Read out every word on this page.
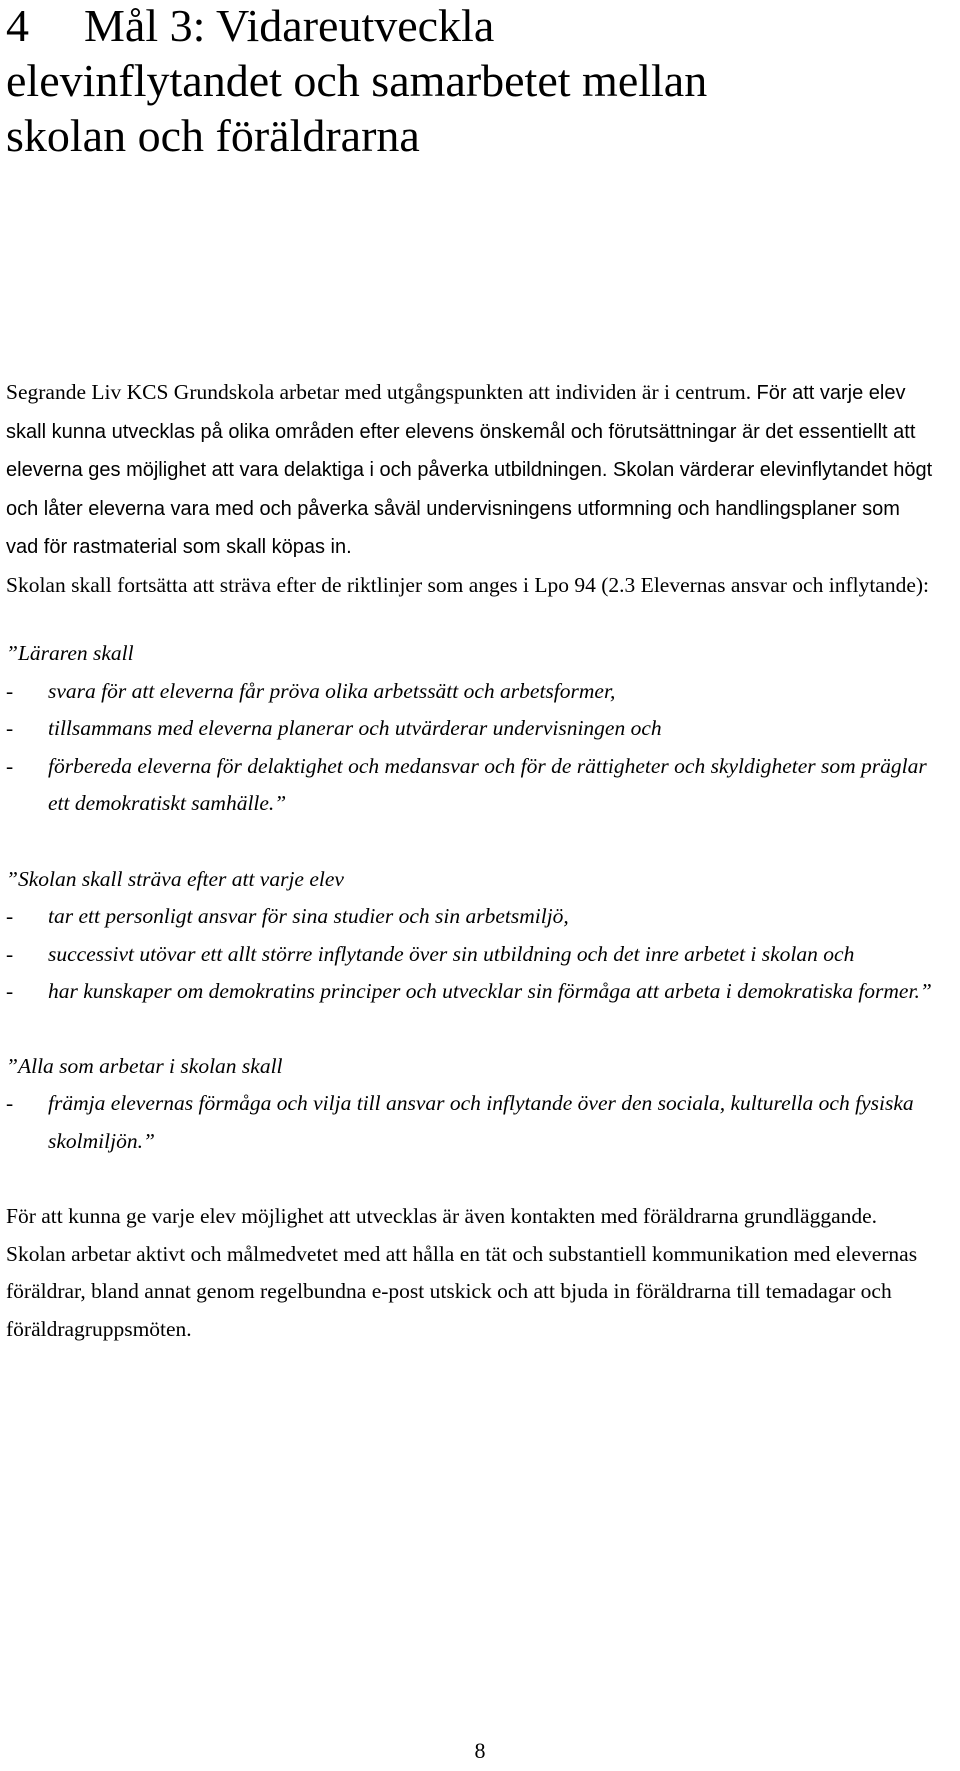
4 Mål 3: Vidareutveckla
elevinflytandet och samarbetet mellan
skolan och föräldrarna

Segrande Liv KCS Grundskola arbetar med utgångspunkten att individen är i centrum. För att varje elev skall kunna utvecklas på olika områden efter elevens önskemål och förutsättningar är det essentiellt att eleverna ges möjlighet att vara delaktiga i och påverka utbildningen. Skolan värderar elevinflytandet högt och låter eleverna vara med och påverka såväl undervisningens utformning och handlingsplaner som vad för rastmaterial som skall köpas in.
Skolan skall fortsätta att sträva efter de riktlinjer som anges i Lpo 94 (2.3 Elevernas ansvar och inflytande):

”Läraren skall
- svara för att eleverna får pröva olika arbetssätt och arbetsformer,
- tillsammans med eleverna planerar och utvärderar undervisningen och
- förbereda eleverna för delaktighet och medansvar och för de rättigheter och skyldigheter som präglar ett demokratiskt samhälle.”
”Skolan skall sträva efter att varje elev
- tar ett personligt ansvar för sina studier och sin arbetsmiljö,
- successivt utövar ett allt större inflytande över sin utbildning och det inre arbetet i skolan och
- har kunskaper om demokratins principer och utvecklar sin förmåga att arbeta i demokratiska former.”
”Alla som arbetar i skolan skall
- främja elevernas förmåga och vilja till ansvar och inflytande över den sociala, kulturella och fysiska skolmiljön.”

För att kunna ge varje elev möjlighet att utvecklas är även kontakten med föräldrarna grundläggande. Skolan arbetar aktivt och målmedvetet med att hålla en tät och substantiell kommunikation med elevernas föräldrar, bland annat genom regelbundna e-post utskick och att bjuda in föräldrarna till temadagar och föräldragruppsmöten.

8
